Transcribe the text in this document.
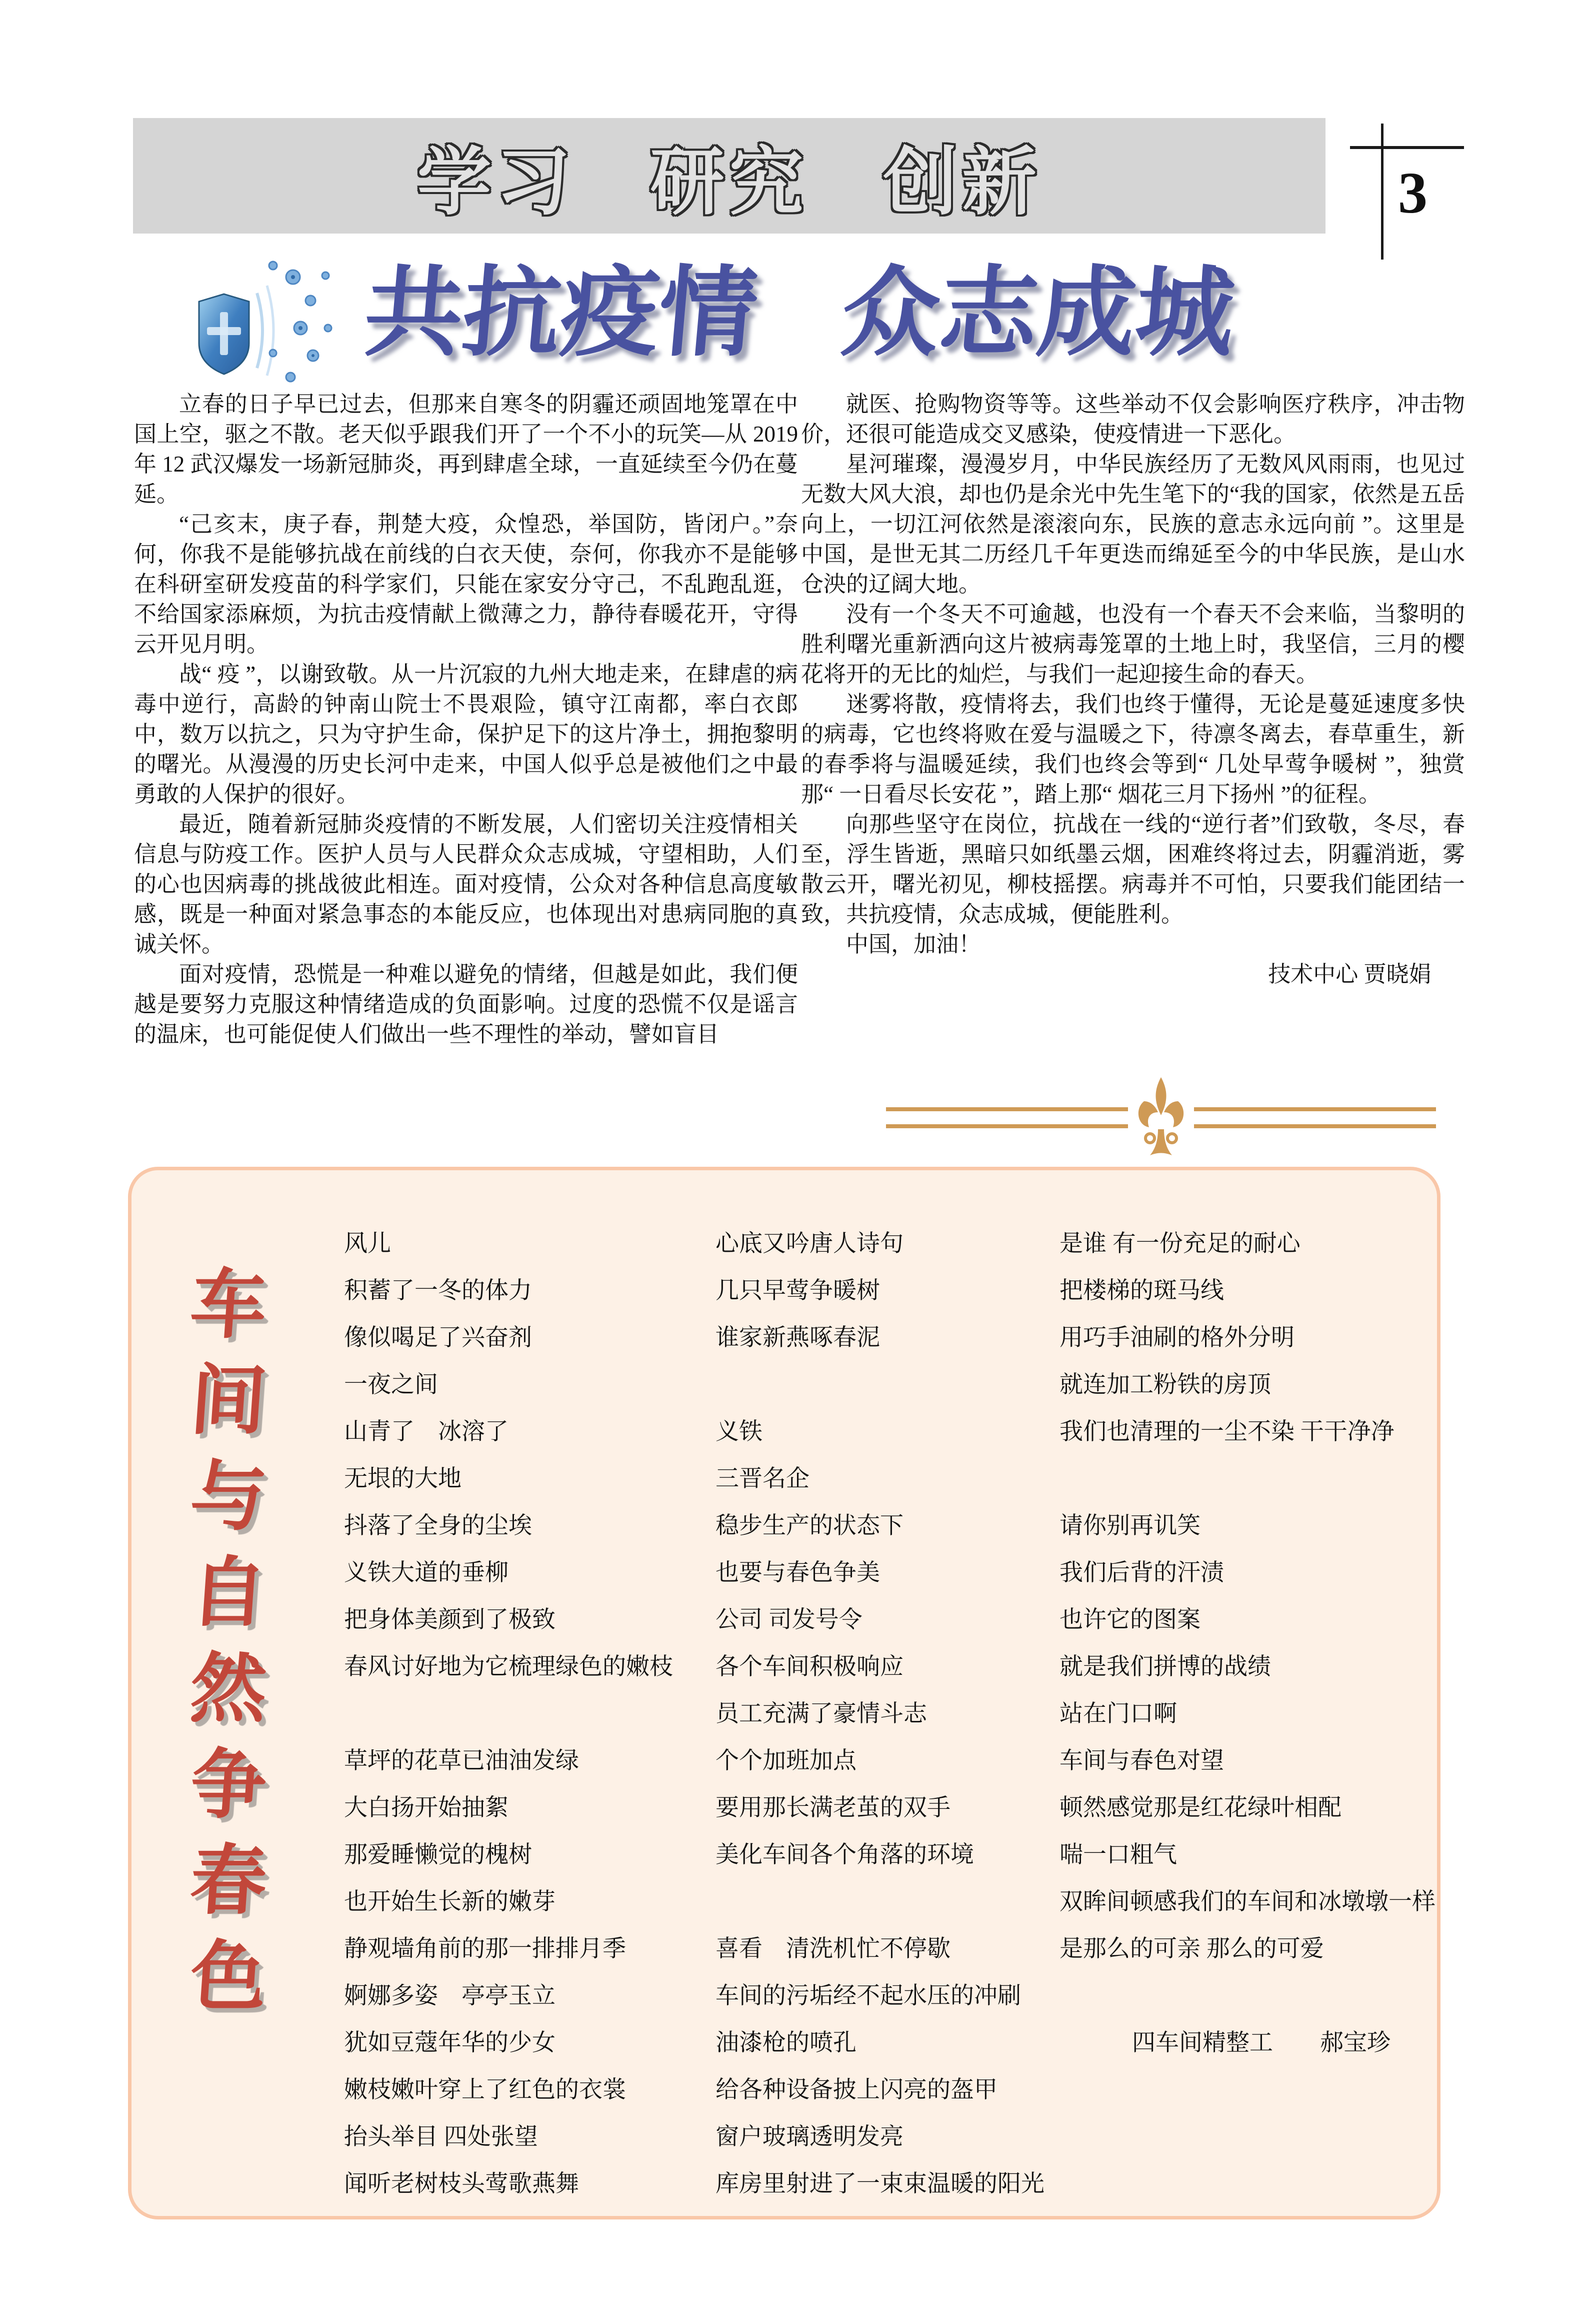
学习 研究 创新	3
共抗疫情 众志成城

立春的日子早已过去，但那来自寒冬的阴霾还顽固地笼罩在中国上空，驱之不散。老天似乎跟我们开了一个不小的玩笑—从 2019 年 12 武汉爆发一场新冠肺炎，再到肆虐全球，一直延续至今仍在蔓延。

“己亥末，庚子春，荆楚大疫，众惶恐，举国防，皆闭户。”奈何，你我不是能够抗战在前线的白衣天使，奈何，你我亦不是能够在科研室研发疫苗的科学家们，只能在家安分守己，不乱跑乱逛，不给国家添麻烦，为抗击疫情献上微薄之力，静待春暖花开，守得云开见月明。

战“ 疫 ”，以谢致敬。从一片沉寂的九州大地走来，在肆虐的病毒中逆行，高龄的钟南山院士不畏艰险，镇守江南都，率白衣郎中，数万以抗之，只为守护生命，保护足下的这片净土，拥抱黎明的曙光。从漫漫的历史长河中走来，中国人似乎总是被他们之中最勇敢的人保护的很好。

最近，随着新冠肺炎疫情的不断发展，人们密切关注疫情相关信息与防疫工作。医护人员与人民群众众志成城，守望相助，人们的心也因病毒的挑战彼此相连。面对疫情，公众对各种信息高度敏感，既是一种面对紧急事态的本能反应，也体现出对患病同胞的真诚关怀。

面对疫情，恐慌是一种难以避免的情绪，但越是如此，我们便越是要努力克服这种情绪造成的负面影响。过度的恐慌不仅是谣言的温床，也可能促使人们做出一些不理性的举动，譬如盲目

就医、抢购物资等等。这些举动不仅会影响医疗秩序，冲击物价，还很可能造成交叉感染，使疫情进一下恶化。

星河璀璨，漫漫岁月，中华民族经历了无数风风雨雨，也见过无数大风大浪，却也仍是余光中先生笔下的“我的国家，依然是五岳向上，一切江河依然是滚滚向东，民族的意志永远向前 ”。这里是中国，是世无其二历经几千年更迭而绵延至今的中华民族，是山水仓泱的辽阔大地。

没有一个冬天不可逾越，也没有一个春天不会来临，当黎明的胜利曙光重新洒向这片被病毒笼罩的土地上时，我坚信，三月的樱花将开的无比的灿烂，与我们一起迎接生命的春天。

迷雾将散，疫情将去，我们也终于懂得，无论是蔓延速度多快的病毒，它也终将败在爱与温暖之下，待凛冬离去，春草重生，新的春季将与温暖延续，我们也终会等到“ 几处早莺争暖树 ”，独赏那“ 一日看尽长安花 ”，踏上那“ 烟花三月下扬州 ”的征程。

向那些坚守在岗位，抗战在一线的“逆行者”们致敬，冬尽，春至，浮生皆逝，黑暗只如纸墨云烟，困难终将过去，阴霾消逝，雾散云开，曙光初见，柳枝摇摆。病毒并不可怕，只要我们能团结一致，共抗疫情，众志成城，便能胜利。

中国，加油！

技术中心 贾晓娟

车
间
与
自
然
争
春
色
风儿
积蓄了一冬的体力
像似喝足了兴奋剂
一夜之间
山青了　冰溶了
无垠的大地
抖落了全身的尘埃
义铁大道的垂柳
把身体美颜到了极致
春风讨好地为它梳理绿色的嫩枝
草坪的花草已油油发绿
大白扬开始抽絮
那爱睡懒觉的槐树
也开始生长新的嫩芽
静观墙角前的那一排排月季
婀娜多姿　亭亭玉立
犹如豆蔻年华的少女
嫩枝嫩叶穿上了红色的衣裳
抬头举目 四处张望
闻听老树枝头莺歌燕舞
心底又吟唐人诗句
几只早莺争暖树
谁家新燕啄春泥
义铁
三晋名企
稳步生产的状态下
也要与春色争美
公司 司发号令
各个车间积极响应
员工充满了豪情斗志
个个加班加点
要用那长满老茧的双手
美化车间各个角落的环境
喜看　清洗机忙不停歇
车间的污垢经不起水压的冲刷
油漆枪的喷孔
给各种设备披上闪亮的盔甲
窗户玻璃透明发亮
库房里射进了一束束温暖的阳光
是谁 有一份充足的耐心
把楼梯的斑马线
用巧手油刷的格外分明
就连加工粉铁的房顶
我们也清理的一尘不染 干干净净
请你别再讥笑
我们后背的汗渍
也许它的图案
就是我们拼博的战绩
站在门口啊
车间与春色对望
顿然感觉那是红花绿叶相配
喘一口粗气
双眸间顿感我们的车间和冰墩墩一样
是那么的可亲 那么的可爱
四车间精整工　　郝宝珍
